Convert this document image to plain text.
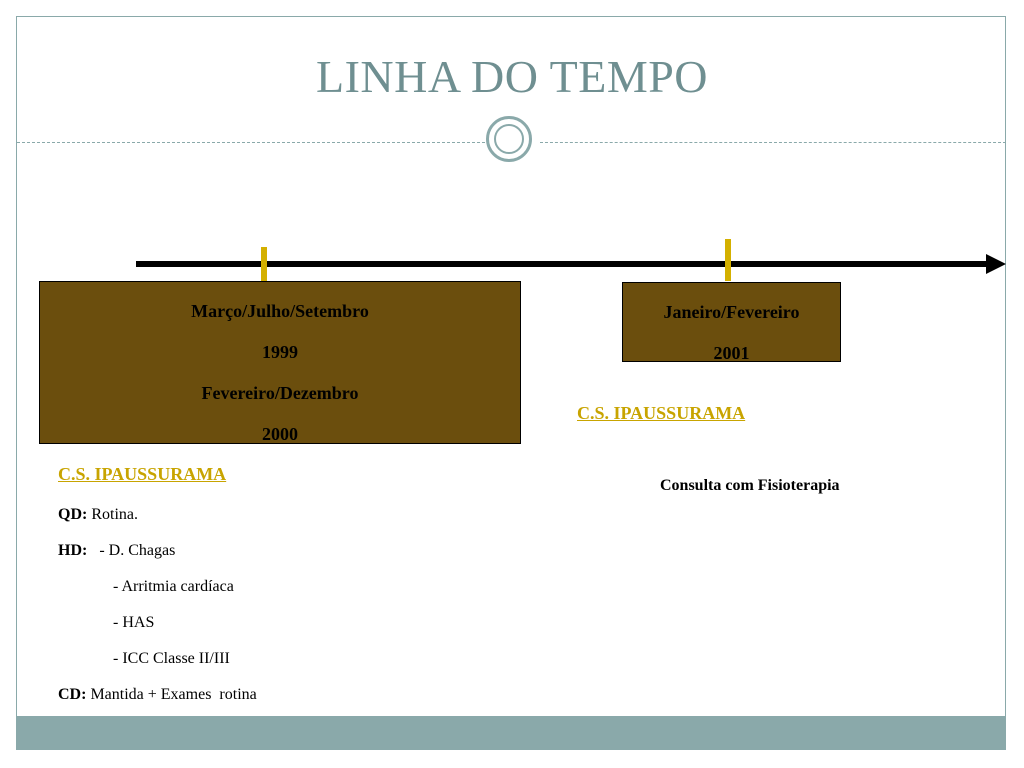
LINHA DO TEMPO

Março/Julho/Setembro

1999

Fevereiro/Dezembro

2000

Janeiro/Fevereiro

2001

C.S. IPAUSSURAMA
Consulta com Fisioterapia
C.S. IPAUSSURAMA
QD: Rotina.
HD:   - D. Chagas
- Arritmia cardíaca
- HAS
- ICC Classe II/III
CD: Mantida + Exames  rotina
